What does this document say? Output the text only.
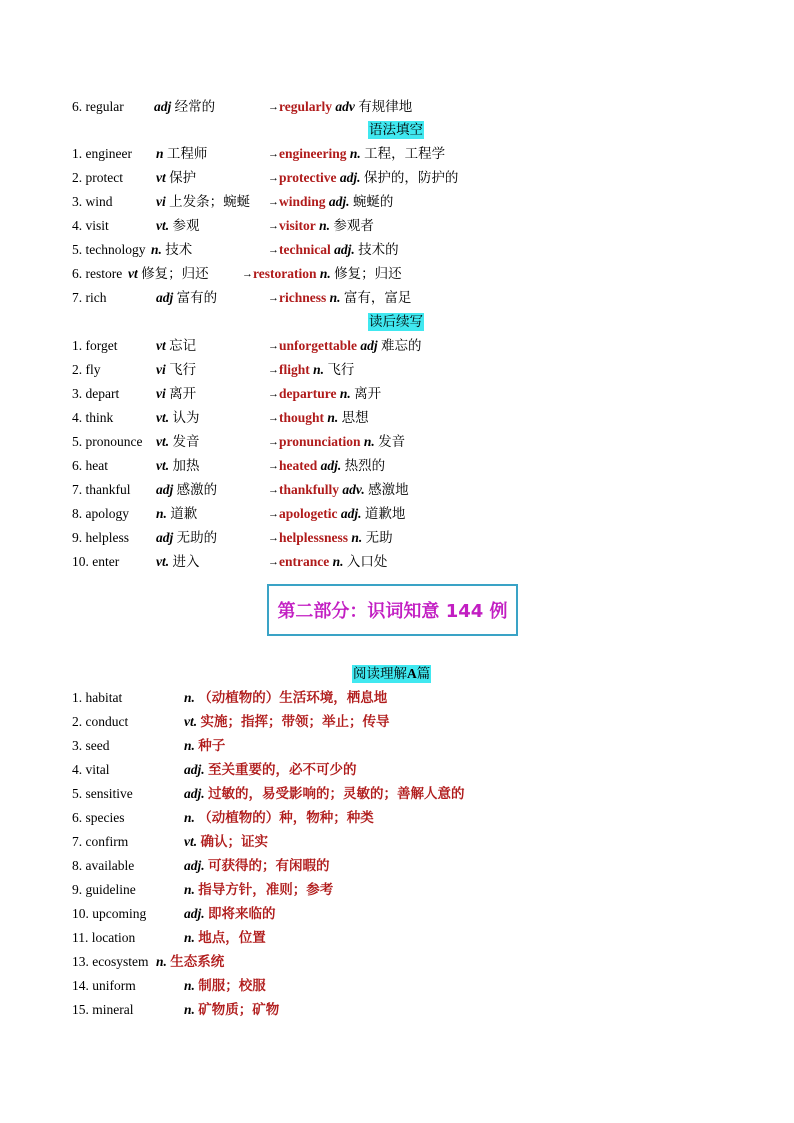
6. regular adj 经常的	→regularly adv 有规律地
语法填空
1. engineer n 工程师	→engineering n. 工程，工程学
2. protect vt 保护	→protective adj. 保护的，防护的
3. wind	vi 上发条；蜿蜒 →winding adj. 蜿蜒的
4. visit	vt. 参观	→visitor n. 参观者
5. technology n. 技术	→technical adj. 技术的
6. restore vt 修复；归还	→restoration n. 修复；归还
7. rich	adj 富有的	→richness n. 富有，富足
读后续写
1. forget	vt 忘记	→unforgettable adj 难忘的
2. fly	vi 飞行	→flight n. 飞行
3. depart	vi 离开	→departure n. 离开
4. think	vt. 认为	→thought n. 思想
5. pronounce vt. 发音	→pronunciation n. 发音
6. heat	vt. 加热	→heated adj. 热烈的
7. thankful adj 感激的	→thankfully adv. 感激地
8. apology n. 道歉	→apologetic adj. 道歉地
9. helpless adj 无助的	→helplessness n. 无助
10. enter	vt. 进入	→entrance n. 入口处
第二部分：识词知意 144 例
阅读理解A篇
1. habitat	n. （动植物的）生活环境，栖息地
2. conduct	vt. 实施；指挥；带领；举止；传导
3. seed	n. 种子
4. vital	adj. 至关重要的，必不可少的
5. sensitive	adj. 过敏的，易受影响的；灵敏的；善解人意的
6. species	n. （动植物的）种，物种；种类
7. confirm	vt. 确认；证实
8. available	adj. 可获得的；有闲暇的
9. guideline	n. 指导方针，准则；参考
10. upcoming	adj. 即将来临的
11. location	n. 地点，位置
13. ecosystem n. 生态系统
14. uniform	n. 制服；校服
15. mineral	n. 矿物质；矿物
